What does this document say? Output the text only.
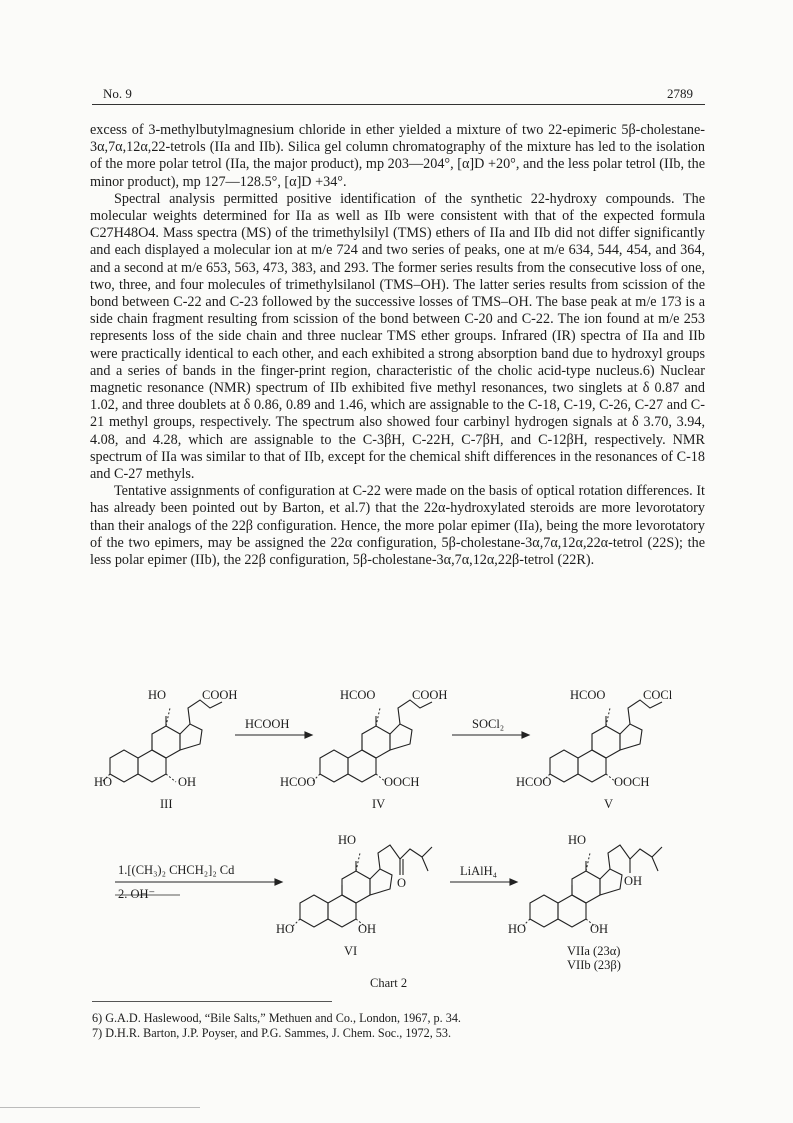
No. 9	2789

excess of 3-methylbutylmagnesium chloride in ether yielded a mixture of two 22-epimeric 5β-cholestane-3α,7α,12α,22-tetrols (IIa and IIb). Silica gel column chromatography of the mixture has led to the isolation of the more polar tetrol (IIa, the major product), mp 203—204°, [α]D +20°, and the less polar tetrol (IIb, the minor product), mp 127—128.5°, [α]D +34°.

Spectral analysis permitted positive identification of the synthetic 22-hydroxy compounds. The molecular weights determined for IIa as well as IIb were consistent with that of the expected formula C27H48O4. Mass spectra (MS) of the trimethylsilyl (TMS) ethers of IIa and IIb did not differ significantly and each displayed a molecular ion at m/e 724 and two series of peaks, one at m/e 634, 544, 454, and 364, and a second at m/e 653, 563, 473, 383, and 293. The former series results from the consecutive loss of one, two, three, and four molecules of trimethylsilanol (TMS–OH). The latter series results from scission of the bond between C-22 and C-23 followed by the successive losses of TMS–OH. The base peak at m/e 173 is a side chain fragment resulting from scission of the bond between C-20 and C-22. The ion found at m/e 253 represents loss of the side chain and three nuclear TMS ether groups. Infrared (IR) spectra of IIa and IIb were practically identical to each other, and each exhibited a strong absorption band due to hydroxyl groups and a series of bands in the finger-print region, characteristic of the cholic acid-type nucleus.6) Nuclear magnetic resonance (NMR) spectrum of IIb exhibited five methyl resonances, two singlets at δ 0.87 and 1.02, and three doublets at δ 0.86, 0.89 and 1.46, which are assignable to the C-18, C-19, C-26, C-27 and C-21 methyl groups, respectively. The spectrum also showed four carbinyl hydrogen signals at δ 3.70, 3.94, 4.08, and 4.28, which are assignable to the C-3βH, C-22H, C-7βH, and C-12βH, respectively. NMR spectrum of IIa was similar to that of IIb, except for the chemical shift differences in the resonances of C-18 and C-27 methyls.

Tentative assignments of configuration at C-22 were made on the basis of optical rotation differences. It has already been pointed out by Barton, et al.7) that the 22α-hydroxylated steroids are more levorotatory than their analogs of the 22β configuration. Hence, the more polar epimer (IIa), being the more levorotatory of the two epimers, may be assigned the 22α configuration, 5β-cholestane-3α,7α,12α,22α-tetrol (22S); the less polar epimer (IIb), the 22β configuration, 5β-cholestane-3α,7α,12α,22β-tetrol (22R).

HO	COOH
HO	OH
III
HCOOH
HCOO	COOH
HCOO	OOCH
IV
SOCl₂
HCOO	COCl
HCOO	OOCH
V
1.[(CH₃)₂ CHCH₂]₂ Cd
2. OH⁻
HO
O
HO	OH
VI
LiAlH₄
HO
OH
HO	OH
VIIa (23α)
VIIb (23β)
Chart 2
6) G.A.D. Haslewood, “Bile Salts,” Methuen and Co., London, 1967, p. 34.
7) D.H.R. Barton, J.P. Poyser, and P.G. Sammes, J. Chem. Soc., 1972, 53.
